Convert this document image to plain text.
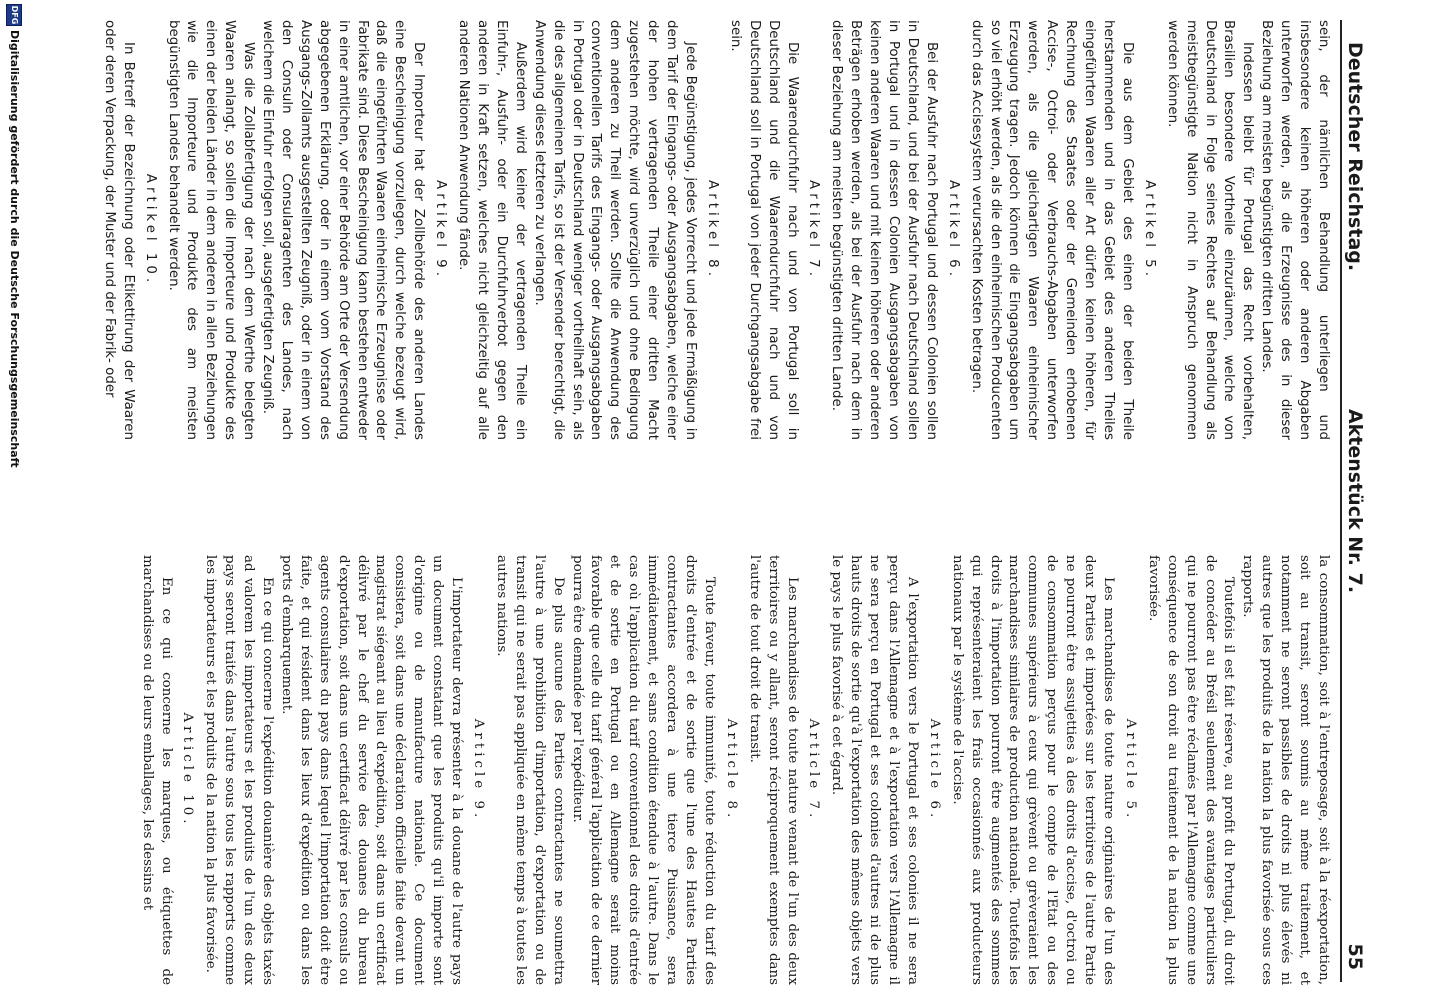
Deutscher Reichstag.
Aktenstück Nr. 7.
55

sein, der nämlichen Behandlung unterliegen und insbesondere keinen höheren oder anderen Abgaben unterworfen werden, als die Erzeugnisse des in dieser Beziehung am meisten begünstigten dritten Landes.

Indessen bleibt für Portugal das Recht vorbehalten, Brasilien besondere Vortheile einzuräumen, welche von Deutschland in Folge seines Rechtes auf Behandlung als meistbegünstigte Nation nicht in Anspruch genommen werden können.

Artikel 5.

Die aus dem Gebiet des einen der beiden Theile herstammenden und in das Gebiet des anderen Theiles eingeführten Waaren aller Art dürfen keinen höheren, für Rechnung des Staates oder der Gemeinden erhobenen Accise-, Octroi- oder Verbrauchs-Abgaben unterworfen werden, als die gleichartigen Waaren einheimischer Erzeugung tragen. Jedoch können die Eingangsabgaben um so viel erhöht werden, als die den einheimischen Producenten durch das Accisesystem verursachten Kosten betragen.

Artikel 6.

Bei der Ausfuhr nach Portugal und dessen Colonien sollen in Deutschland, und bei der Ausfuhr nach Deutschland sollen in Portugal und in dessen Colonien Ausgangsabgaben von keinen anderen Waaren und mit keinen höheren oder anderen Beträgen erhoben werden, als bei der Ausfuhr nach dem in dieser Beziehung am meisten begünstigten dritten Lande.

Artikel 7.

Die Waarendurchfuhr nach und von Portugal soll in Deutschland und die Waarendurchfuhr nach und von Deutschland soll in Portugal von jeder Durchgangsabgabe frei sein.

Artikel 8.

Jede Begünstigung, jedes Vorrecht und jede Ermäßigung in dem Tarif der Eingangs- oder Ausgangsabgaben, welche einer der hohen vertragenden Theile einer dritten Macht zugestehen möchte, wird unverzüglich und ohne Bedingung dem anderen zu Theil werden. Sollte die Anwendung des conventionellen Tarifs des Eingangs- oder Ausgangsabgaben in Portugal oder in Deutschland weniger vortheilhaft sein, als die des allgemeinen Tarifs, so ist der Versender berechtigt, die Anwendung dieses letzteren zu verlangen.

Außerdem wird keiner der vertragenden Theile ein Einfuhr-, Ausfuhr- oder ein Durchfuhrverbot gegen den anderen in Kraft setzen, welches nicht gleichzeitig auf alle anderen Nationen Anwendung fände.

Artikel 9.

Der Importeur hat der Zollbehörde des anderen Landes eine Bescheinigung vorzulegen, durch welche bezeugt wird, daß die eingeführten Waaren einheimische Erzeugnisse oder Fabrikate sind. Diese Bescheinigung kann bestehen entweder in einer amtlichen, vor einer Behörde am Orte der Versendung abgegebenen Erklärung, oder in einem vom Vorstand des Ausgangs-Zollamts ausgestellten Zeugniß, oder in einem von den Consuln oder Consularagenten des Landes, nach welchem die Einfuhr erfolgen soll, ausgefertigten Zeugniß.

Was die Zollabfertigung der nach dem Werthe belegten Waaren anlangt, so sollen die Importeure und Produkte des einen der beiden Länder in dem anderen in allen Beziehungen wie die Importeure und Produkte des am meisten begünstigten Landes behandelt werden.

Artikel 10.

In Betreff der Bezeichnung oder Etikettirung der Waaren oder deren Verpackung, der Muster und der Fabrik- oder

la consommation, soit à l'entreposage, soit à la réexportation, soit au transit, seront soumis au même traitement, et notamment ne seront passibles de droits ni plus élevés ni autres que les produits de la nation la plus favorisée sous ces rapports.

Toutefois il est fait réserve, au profit du Portugal, du droit de concéder au Brésil seulement des avantages particuliers qui ne pourront pas être réclamés par l'Allemagne comme une conséquence de son droit au traitement de la nation la plus favorisée.

Article 5.

Les marchandises de toute nature originaires de l'un des deux Parties et importées sur les territoires de l'autre Partie ne pourront être assujetties à des droits d'accise, d'octroi ou de consommation perçus pour le compte de l'Etat ou des communes supérieurs à ceux qui grèvent ou grèveraient les marchandises similaires de production nationale. Toutefois les droits à l'importation pourront être augmentés des sommes qui représenteraient les frais occasionnés aux producteurs nationaux par le système de l'accise.

Article 6.

A l'exportation vers le Portugal et ses colonies il ne sera perçu dans l'Allemagne et à l'exportation vers l'Allemagne il ne sera perçu en Portugal et ses colonies d'autres ni de plus hauts droits de sortie qu'à l'exportation des mêmes objets vers le pays le plus favorisé à cet égard.

Article 7.

Les marchandises de toute nature venant de l'un des deux territoires ou y allant, seront réciproquement exemptes dans l'autre de tout droit de transit.

Article 8.

Toute faveur, toute immunité, toute réduction du tarif des droits d'entrée et de sortie que l'une des Hautes Parties contractantes accordera à une tierce Puissance, sera immédiatement, et sans condition étendue à l'autre. Dans le cas où l'application du tarif conventionnel des droits d'entrée et de sortie en Portugal ou en Allemagne serait moins favorable que celle du tarif général l'application de ce dernier pourra être demandée par l'expéditeur.

De plus aucune des Parties contractantes ne soumettra l'autre à une prohibition d'importation, d'exportation ou de transit qui ne serait pas appliquée en même temps à toutes les autres nations.

Article 9.

L'importateur devra présenter à la douane de l'autre pays un document constatant que les produits qu'il importe sont d'origine ou de manufacture nationale. Ce document consistera, soit dans une déclaration officielle faite devant un magistrat siégeant au lieu d'expédition, soit dans un certificat délivré par le chef du service des douanes du bureau d'exportation, soit dans un certificat délivré par les consuls ou agents consulaires du pays dans lequel l'importation doit être faite, et qui résident dans les lieux d'expédition ou dans les ports d'embarquement.

En ce qui concerne l'expédition douanière des objets taxés ad valorem les importateurs et les produits de l'un des deux pays seront traités dans l'autre sous tous les rapports comme les importateurs et les produits de la nation la plus favorisée.

Article 10.

En ce qui concerne les marques, ou étiquettes de marchandises ou de leurs emballages, les dessins et

DFG
Digitalisierung gefördert durch die Deutsche Forschungsgemeinschaft
